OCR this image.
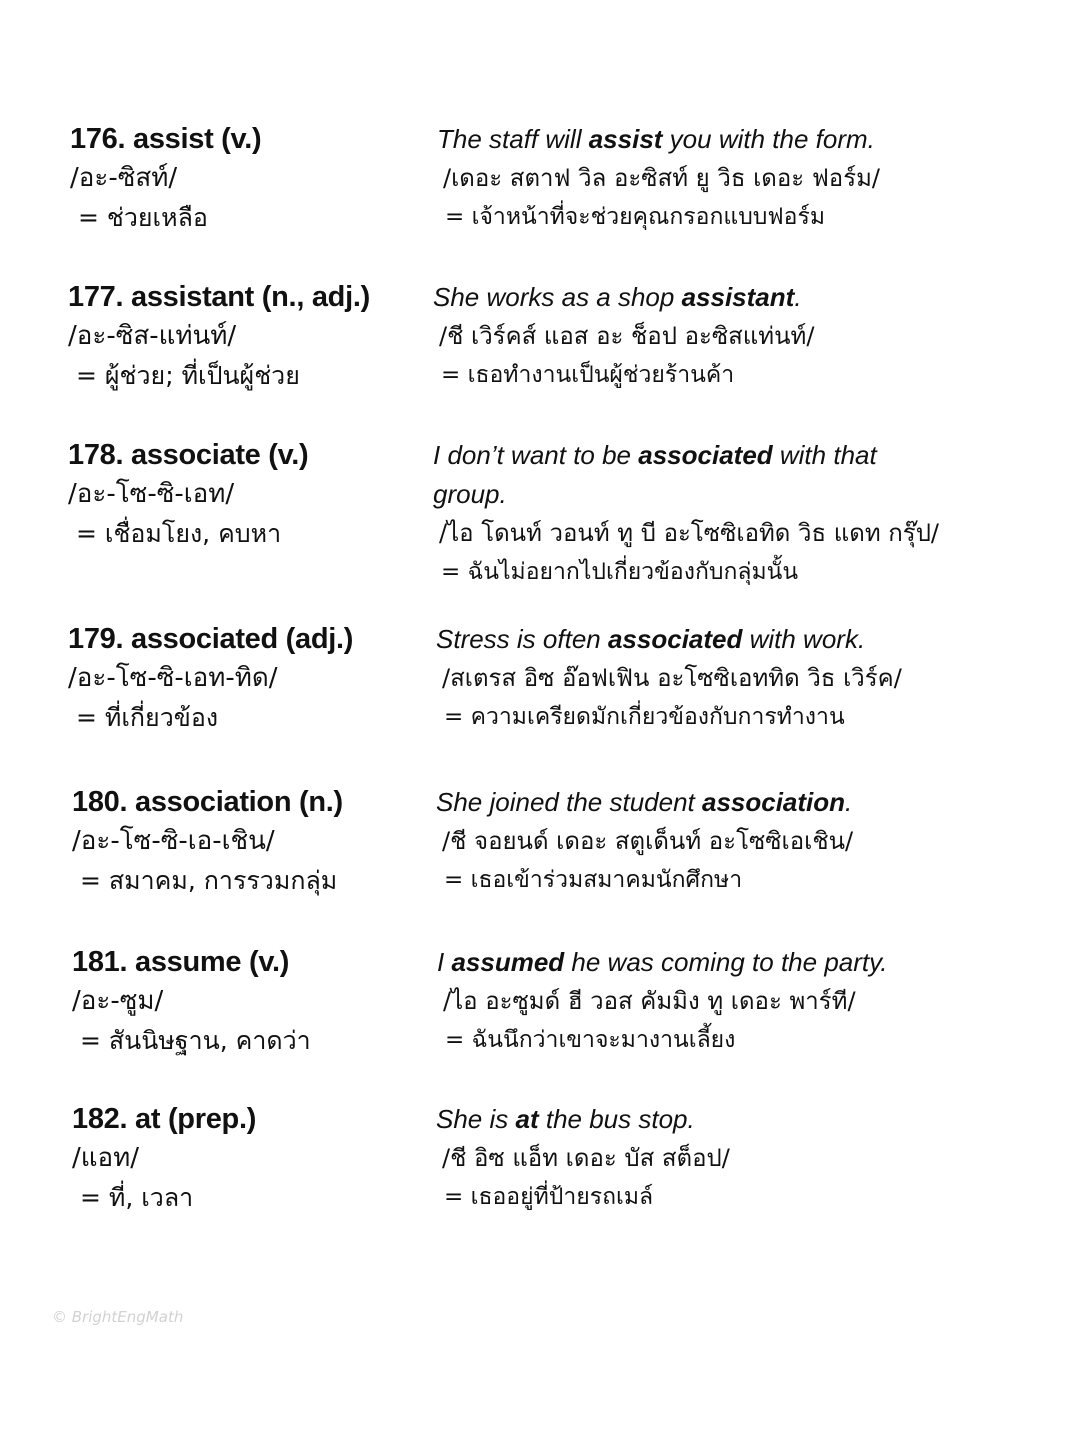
176. assist (v.)
/อะ-ซิสท์/
= ช่วยเหลือ
The staff will assist you with the form.
/เดอะ สตาฟ วิล อะซิสท์ ยู วิธ เดอะ ฟอร์ม/
= เจ้าหน้าที่จะช่วยคุณกรอกแบบฟอร์ม
177. assistant (n., adj.)
/อะ-ซิส-แท่นท์/
= ผู้ช่วย; ที่เป็นผู้ช่วย
She works as a shop assistant.
/ชี เวิร์คส์ แอส อะ ช็อป อะซิสแท่นท์/
= เธอทำงานเป็นผู้ช่วยร้านค้า
178. associate (v.)
/อะ-โซ-ซิ-เอท/
= เชื่อมโยง, คบหา
I don’t want to be associated with that group.
/ไอ โดนท์ วอนท์ ทู บี อะโซซิเอทิด วิธ แดท กรุ๊ป/
= ฉันไม่อยากไปเกี่ยวข้องกับกลุ่มนั้น
179. associated (adj.)
/อะ-โซ-ซิ-เอท-ทิด/
= ที่เกี่ยวข้อง
Stress is often associated with work.
/สเตรส อิซ อ๊อฟเฟิน อะโซซิเอททิด วิธ เวิร์ค/
= ความเครียดมักเกี่ยวข้องกับการทำงาน
180. association (n.)
/อะ-โซ-ซิ-เอ-เชิน/
= สมาคม, การรวมกลุ่ม
She joined the student association.
/ชี จอยนด์ เดอะ สตูเด็นท์ อะโซซิเอเชิน/
= เธอเข้าร่วมสมาคมนักศึกษา
181. assume (v.)
/อะ-ซูม/
= สันนิษฐาน, คาดว่า
I assumed he was coming to the party.
/ไอ อะซูมด์ ฮี วอส คัมมิง ทู เดอะ พาร์ที/
= ฉันนึกว่าเขาจะมางานเลี้ยง
182. at (prep.)
/แอท/
= ที่, เวลา
She is at the bus stop.
/ชี อิซ แอ็ท เดอะ บัส สต็อป/
= เธออยู่ที่ป้ายรถเมล์
© BrightEngMath
